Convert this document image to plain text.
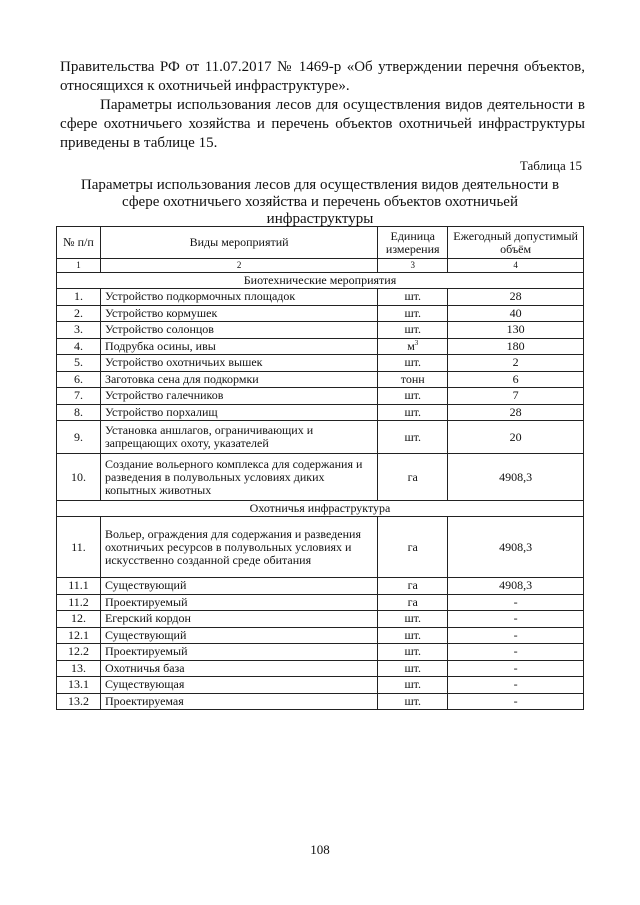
Правительства РФ от 11.07.2017 № 1469-р «Об утверждении перечня объектов, относящихся к охотничьей инфраструктуре».

Параметры использования лесов для осуществления видов деятельности в сфере охотничьего хозяйства и перечень объектов охотничьей инфраструктуры приведены в таблице 15.

Таблица 15

Параметры использования лесов для осуществления видов деятельности в сфере охотничьего хозяйства и перечень объектов охотничьей инфраструктуры

№ п/п	Виды мероприятий	Единица измерения	Ежегодный допустимый объём
1	2	3	4
Биотехнические мероприятия			
1.	Устройство подкормочных площадок	шт.	28
2.	Устройство кормушек	шт.	40
3.	Устройство солонцов	шт.	130
4.	Подрубка осины, ивы	$м^3$	180
5.	Устройство охотничьих вышек	шт.	2
6.	Заготовка сена для подкормки	тонн	6
7.	Устройство галечников	шт.	7
8.	Устройство порхалищ	шт.	28
9.	Установка аншлагов, ограничивающих и запрещающих охоту, указателей	шт.	20
10.	Создание вольерного комплекса для содержания и разведения в полувольных условиях диких копытных животных	га	4908,3
Охотничья инфраструктура			
11.	Вольер, ограждения для содержания и разведения охотничьих ресурсов в полувольных условиях и искусственно созданной среде обитания	га	4908,3
11.1	Существующий	га	4908,3
11.2	Проектируемый	га	-
12.	Егерский кордон	шт.	-
12.1	Существующий	шт.	-
12.2	Проектируемый	шт.	-
13.	Охотничья база	шт.	-
13.1	Существующая	шт.	-
13.2	Проектируемая	шт.	-
108
